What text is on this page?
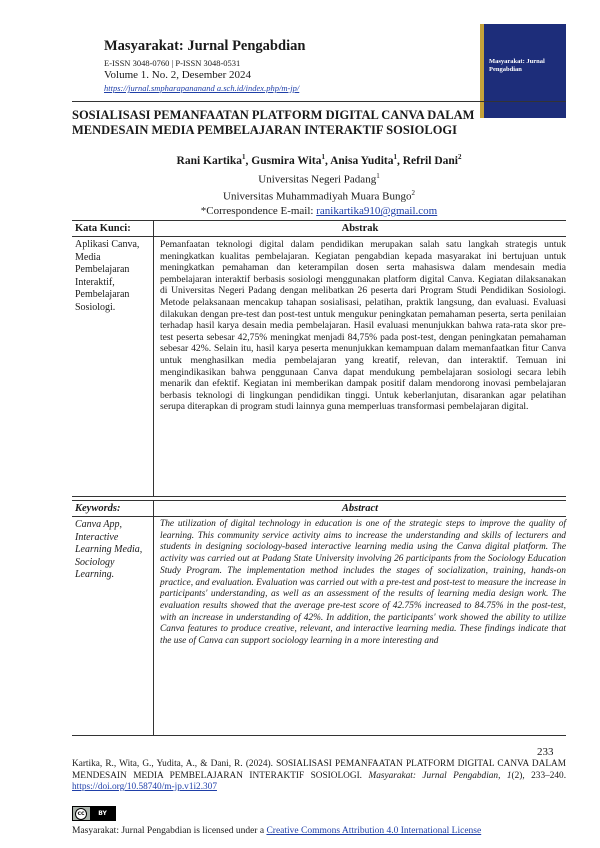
Masyarakat: Jurnal Pengabdian
E-ISSN 3048-0760 | P-ISSN 3048-0531
Volume 1. No. 2, Desember 2024
https://jurnal.smpharapananand a.sch.id/index.php/m-jp/
Masyarakat: Jurnal Pengabdian
SOSIALISASI PEMANFAATAN PLATFORM DIGITAL CANVA DALAM MENDESAIN MEDIA PEMBELAJARAN INTERAKTIF SOSIOLOGI
Rani Kartika$^1$, Gusmira Wita$^1$, Anisa Yudita$^1$, Refril Dani$^2$
Universitas Negeri Padang$^1$
Universitas Muhammadiyah Muara Bungo$^2$
*Correspondence E-mail: ranikartika910@gmail.com
Kata Kunci:
Aplikasi Canva, Media Pembelajaran Interaktif, Pembelajaran Sosiologi.
Abstrak
Pemanfaatan teknologi digital dalam pendidikan merupakan salah satu langkah strategis untuk meningkatkan kualitas pembelajaran. Kegiatan pengabdian kepada masyarakat ini bertujuan untuk meningkatkan pemahaman dan keterampilan dosen serta mahasiswa dalam mendesain media pembelajaran interaktif berbasis sosiologi menggunakan platform digital Canva. Kegiatan dilaksanakan di Universitas Negeri Padang dengan melibatkan 26 peserta dari Program Studi Pendidikan Sosiologi. Metode pelaksanaan mencakup tahapan sosialisasi, pelatihan, praktik langsung, dan evaluasi. Evaluasi dilakukan dengan pre-test dan post-test untuk mengukur peningkatan pemahaman peserta, serta penilaian terhadap hasil karya desain media pembelajaran. Hasil evaluasi menunjukkan bahwa rata-rata skor pre-test peserta sebesar 42,75% meningkat menjadi 84,75% pada post-test, dengan peningkatan pemahaman sebesar 42%. Selain itu, hasil karya peserta menunjukkan kemampuan dalam memanfaatkan fitur Canva untuk menghasilkan media pembelajaran yang kreatif, relevan, dan interaktif. Temuan ini mengindikasikan bahwa penggunaan Canva dapat mendukung pembelajaran sosiologi secara lebih menarik dan efektif. Kegiatan ini memberikan dampak positif dalam mendorong inovasi pembelajaran berbasis teknologi di lingkungan pendidikan tinggi. Untuk keberlanjutan, disarankan agar pelatihan serupa diterapkan di program studi lainnya guna memperluas transformasi pembelajaran digital.
Keywords:
Canva App, Interactive Learning Media, Sociology Learning.
Abstract
The utilization of digital technology in education is one of the strategic steps to improve the quality of learning. This community service activity aims to increase the understanding and skills of lecturers and students in designing sociology-based interactive learning media using the Canva digital platform. The activity was carried out at Padang State University involving 26 participants from the Sociology Education Study Program. The implementation method includes the stages of socialization, training, hands-on practice, and evaluation. Evaluation was carried out with a pre-test and post-test to measure the increase in participants' understanding, as well as an assessment of the results of learning media design work. The evaluation results showed that the average pre-test score of 42.75% increased to 84.75% in the post-test, with an increase in understanding of 42%. In addition, the participants' work showed the ability to utilize Canva features to produce creative, relevant, and interactive learning media. These findings indicate that the use of Canva can support sociology learning in a more interesting and
233
Kartika, R., Wita, G., Yudita, A., & Dani, R. (2024). SOSIALISASI PEMANFAATAN PLATFORM DIGITAL CANVA DALAM MENDESAIN MEDIA PEMBELAJARAN INTERAKTIF SOSIOLOGI. Masyarakat: Jurnal Pengabdian, 1(2), 233–240. https://doi.org/10.58740/m-jp.v1i2.307
cc	BY
Masyarakat: Jurnal Pengabdian is licensed under a Creative Commons Attribution 4.0 International License
